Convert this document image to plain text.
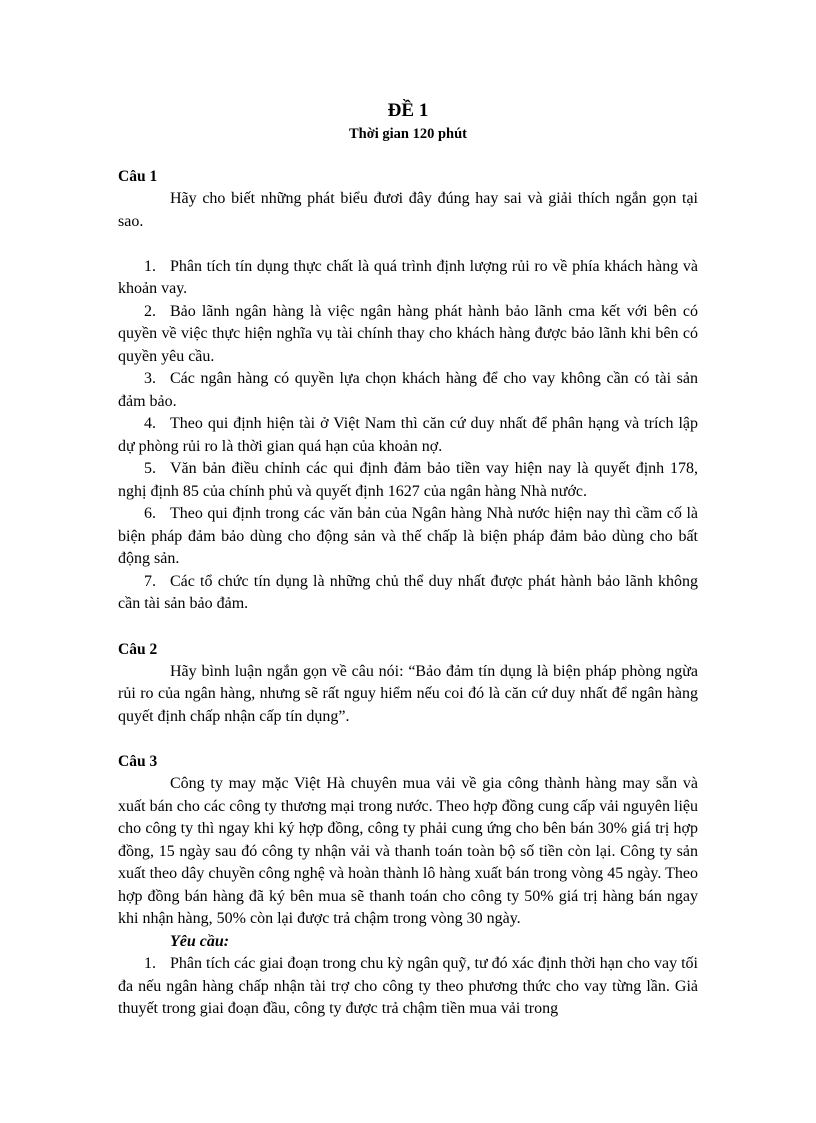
ĐỀ 1
Thời gian 120 phút
Câu 1

Hãy cho biết những phát biểu đươi đây đúng hay sai và giải thích ngắn gọn tại sao.

1. Phân tích tín dụng thực chất là quá trình định lượng rủi ro về phía khách hàng và khoản vay.

2. Bảo lãnh ngân hàng là việc ngân hàng phát hành bảo lãnh cma kết với bên có quyền về việc thực hiện nghĩa vụ tài chính thay cho khách hàng được bảo lãnh khi bên có quyền yêu cầu.

3. Các ngân hàng có quyền lựa chọn khách hàng để cho vay không cần có tài sản đảm bảo.

4. Theo qui định hiện tài ở Việt Nam thì căn cứ duy nhất để phân hạng và trích lập dự phòng rủi ro là thời gian quá hạn của khoản nợ.

5. Văn bản điều chỉnh các qui định đảm bảo tiền vay hiện nay là quyết định 178, nghị định 85 của chính phủ và quyết định 1627 của ngân hàng Nhà nước.

6. Theo qui định trong các văn bản của Ngân hàng Nhà nước hiện nay thì cầm cố là biện pháp đảm bảo dùng cho động sản và thế chấp là biện pháp đảm bảo dùng cho bất động sản.

7. Các tổ chức tín dụng là những chủ thể duy nhất được phát hành bảo lãnh không cần tài sản bảo đảm.

Câu 2

Hãy bình luận ngắn gọn về câu nói: “Bảo đảm tín dụng là biện pháp phòng ngừa rủi ro của ngân hàng, nhưng sẽ rất nguy hiểm nếu coi đó là căn cứ duy nhất để ngân hàng quyết định chấp nhận cấp tín dụng”.

Câu 3

Công ty may mặc Việt Hà chuyên mua vải về gia công thành hàng may sẵn và xuất bán cho các công ty thương mại trong nước. Theo hợp đồng cung cấp vải nguyên liệu cho công ty thì ngay khi ký hợp đồng, công ty phải cung ứng cho bên bán 30% giá trị hợp đồng, 15 ngày sau đó công ty nhận vải và thanh toán toàn bộ số tiền còn lại. Công ty sản xuất theo dây chuyền công nghệ và hoàn thành lô hàng xuất bán trong vòng 45 ngày. Theo hợp đồng bán hàng đã ký bên mua sẽ thanh toán cho công ty 50% giá trị hàng bán ngay khi nhận hàng, 50% còn lại được trả chậm trong vòng 30 ngày.

Yêu cầu:

1. Phân tích các giai đoạn trong chu kỳ ngân quỹ, tư đó xác định thời hạn cho vay tối đa nếu ngân hàng chấp nhận tài trợ cho công ty theo phương thức cho vay từng lần. Giả thuyết trong giai đoạn đầu, công ty được trả chậm tiền mua vải trong
